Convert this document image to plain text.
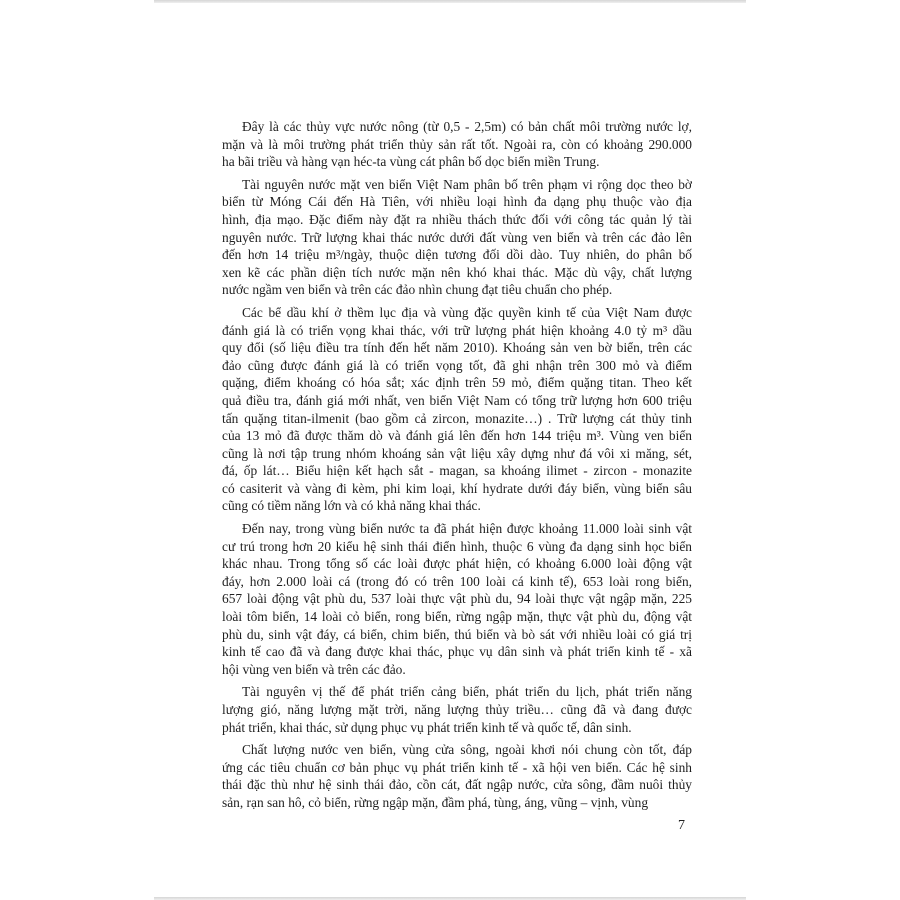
Đây là các thủy vực nước nông (từ 0,5 - 2,5m) có bản chất môi trường nước lợ,
mặn và là môi trường phát triển thủy sản rất tốt. Ngoài ra, còn có khoảng 290.000
ha bãi triều và hàng vạn héc-ta vùng cát phân bố dọc biển miền Trung.

Tài nguyên nước mặt ven biển Việt Nam phân bố trên phạm vi rộng dọc theo bờ
biển từ Móng Cái đến Hà Tiên, với nhiều loại hình đa dạng phụ thuộc vào địa
hình, địa mạo. Đặc điểm này đặt ra nhiều thách thức đối với công tác quản lý tài
nguyên nước. Trữ lượng khai thác nước dưới đất vùng ven biển và trên các đảo lên
đến hơn 14 triệu m³/ngày, thuộc diện tương đối dồi dào. Tuy nhiên, do phân bố
xen kẽ các phần diện tích nước mặn nên khó khai thác. Mặc dù vậy, chất lượng
nước ngầm ven biển và trên các đảo nhìn chung đạt tiêu chuẩn cho phép.

Các bể dầu khí ở thềm lục địa và vùng đặc quyền kinh tế của Việt Nam được
đánh giá là có triển vọng khai thác, với trữ lượng phát hiện khoảng 4.0 tỷ m³ dầu
quy đổi (số liệu điều tra tính đến hết năm 2010). Khoáng sản ven bờ biển, trên các
đảo cũng được đánh giá là có triển vọng tốt, đã ghi nhận trên 300 mỏ và điểm
quặng, điểm khoáng có hóa sắt; xác định trên 59 mỏ, điểm quặng titan. Theo kết
quả điều tra, đánh giá mới nhất, ven biển Việt Nam có tổng trữ lượng hơn 600 triệu
tấn quặng titan-ilmenit (bao gồm cả zircon, monazite…) . Trữ lượng cát thủy tinh
của 13 mỏ đã được thăm dò và đánh giá lên đến hơn 144 triệu m³. Vùng ven biển
cũng là nơi tập trung nhóm khoáng sản vật liệu xây dựng như đá vôi xi măng, sét,
đá, ốp lát… Biểu hiện kết hạch sắt - magan, sa khoáng ilimet - zircon - monazite
có casiterit và vàng đi kèm, phi kim loại, khí hydrate dưới đáy biển, vùng biển sâu
cũng có tiềm năng lớn và có khả năng khai thác.

Đến nay, trong vùng biển nước ta đã phát hiện được khoảng 11.000 loài sinh vật
cư trú trong hơn 20 kiểu hệ sinh thái điển hình, thuộc 6 vùng đa dạng sinh học biển
khác nhau. Trong tổng số các loài được phát hiện, có khoảng 6.000 loài động vật
đáy, hơn 2.000 loài cá (trong đó có trên 100 loài cá kinh tế), 653 loài rong biển,
657 loài động vật phù du, 537 loài thực vật phù du, 94 loài thực vật ngập mặn, 225
loài tôm biển, 14 loài cỏ biển, rong biển, rừng ngập mặn, thực vật phù du, động vật
phù du, sinh vật đáy, cá biển, chim biển, thú biển và bò sát với nhiều loài có giá trị
kinh tế cao đã và đang được khai thác, phục vụ dân sinh và phát triển kinh tế - xã
hội vùng ven biển và trên các đảo.

Tài nguyên vị thế để phát triển cảng biển, phát triển du lịch, phát triển năng
lượng gió, năng lượng mặt trời, năng lượng thủy triều… cũng đã và đang được
phát triển, khai thác, sử dụng phục vụ phát triển kinh tế và quốc tế, dân sinh.

Chất lượng nước ven biển, vùng cửa sông, ngoài khơi nói chung còn tốt, đáp
ứng các tiêu chuẩn cơ bản phục vụ phát triển kinh tế - xã hội ven biển. Các hệ sinh
thái đặc thù như hệ sinh thái đảo, cồn cát, đất ngập nước, cửa sông, đầm nuôi thủy
sản, rạn san hô, cỏ biển, rừng ngập mặn, đầm phá, tùng, áng, vũng – vịnh, vùng

7
